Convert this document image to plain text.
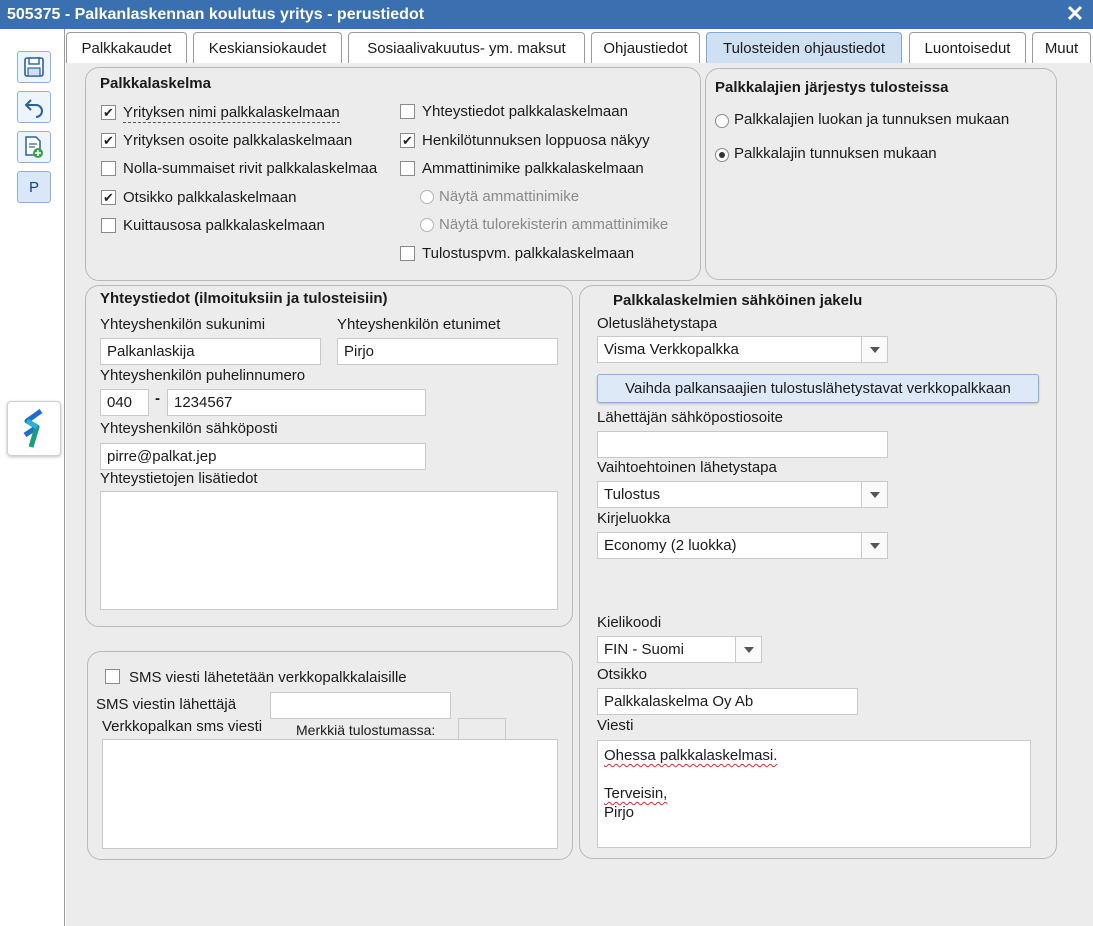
505375 - Palkanlaskennan koulutus yritys - perustiedot	✕
P
Palkkakaudet Keskiansiokaudet	Sosiaalivakuutus- ym. maksut	Ohjaustiedot Tulosteiden ohjaustiedot	Luontoisedut Muut
Palkkalaskelma
✔ Yrityksen nimi palkkalaskelmaan
✔ Yrityksen osoite palkkalaskelmaan
Nolla-summaiset rivit palkkalaskelmaa
✔ Otsikko palkkalaskelmaan
Kuittausosa palkkalaskelmaan
Yhteystiedot palkkalaskelmaan
✔ Henkilötunnuksen loppuosa näkyy
Ammattinimike palkkalaskelmaan
Näytä ammattinimike
Näytä tulorekisterin ammattinimike
Tulostuspvm. palkkalaskelmaan
Palkkalajien järjestys tulosteissa
Palkkalajien luokan ja tunnuksen mukaan
Palkkalajin tunnuksen mukaan
Yhteystiedot (ilmoituksiin ja tulosteisiin)
Yhteyshenkilön sukunimi
Palkanlaskija
Yhteyshenkilön etunimet
Pirjo
Yhteyshenkilön puhelinnumero
040	- 1234567
Yhteyshenkilön sähköposti
pirre@palkat.jep
Yhteystietojen lisätiedot
SMS viesti lähetetään verkkopalkkalaisille
SMS viestin lähettäjä
Verkkopalkan sms viesti Merkkiä tulostumassa:
Palkkalaskelmien sähköinen jakelu
Oletuslähetystapa
Visma Verkkopalkka
Vaihda palkansaajien tulostuslähetystavat verkkopalkkaan
Lähettäjän sähköpostiosoite
Vaihtoehtoinen lähetystapa
Tulostus
Kirjeluokka
Economy (2 luokka)
Kielikoodi
FIN - Suomi
Otsikko
Palkkalaskelma Oy Ab
Viesti
Ohessa palkkalaskelmasi.
Terveisin,
Pirjo
